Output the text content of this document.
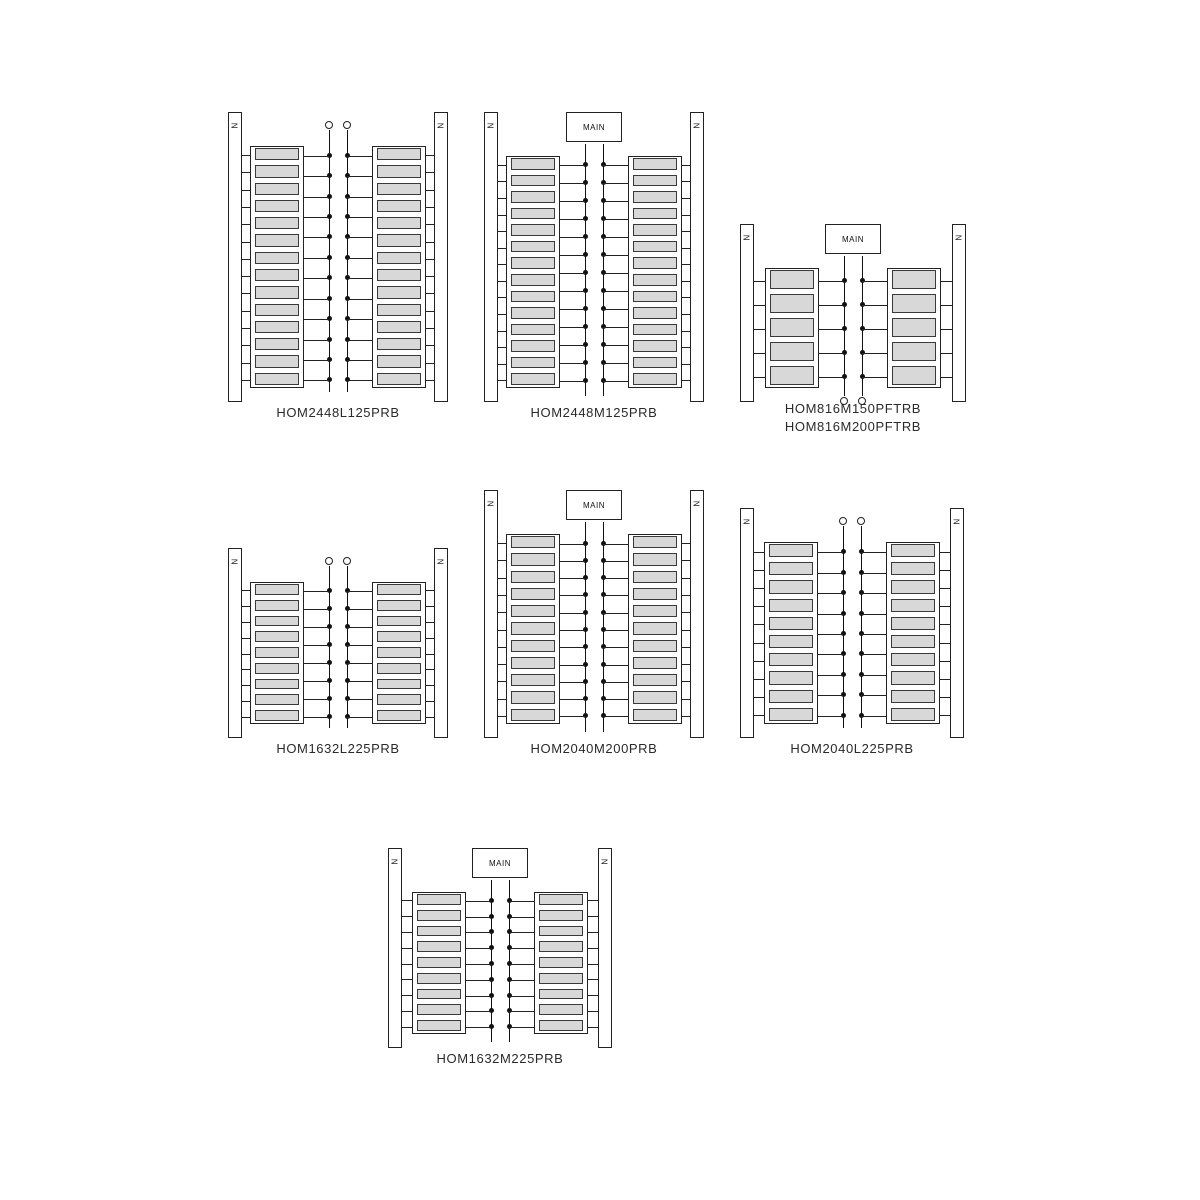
N	N
HOM2448L125PRB
N	N
MAIN
HOM2448M125PRB
N	N
MAIN
HOM816M150PFTRB
HOM816M200PFTRB
N	N
HOM1632L225PRB
N	N
MAIN
HOM2040M200PRB
N	N
HOM2040L225PRB
N	N
MAIN
HOM1632M225PRB
